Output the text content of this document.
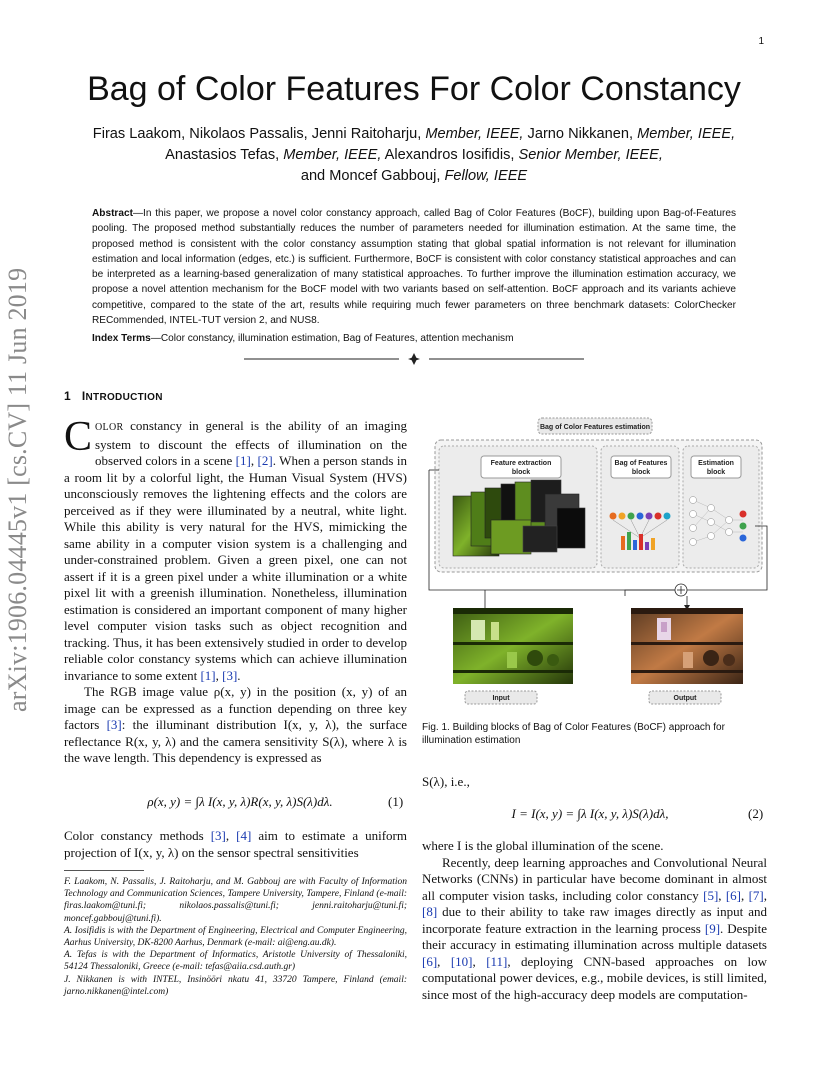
1
arXiv:1906.04445v1 [cs.CV] 11 Jun 2019
Bag of Color Features For Color Constancy

Firas Laakom, Nikolaos Passalis, Jenni Raitoharju, Member, IEEE, Jarno Nikkanen, Member, IEEE,

Anastasios Tefas, Member, IEEE, Alexandros Iosifidis, Senior Member, IEEE,

and Moncef Gabbouj, Fellow, IEEE

Abstract—In this paper, we propose a novel color constancy approach, called Bag of Color Features (BoCF), building upon Bag-of-Features pooling. The proposed method substantially reduces the number of parameters needed for illumination estimation. At the same time, the proposed method is consistent with the color constancy assumption stating that global spatial information is not relevant for illumination estimation and local information (edges, etc.) is sufficient. Furthermore, BoCF is consistent with color constancy statistical approaches and can be interpreted as a learning-based generalization of many statistical approaches. To further improve the illumination estimation accuracy, we propose a novel attention mechanism for the BoCF model with two variants based on self-attention. BoCF approach and its variants achieve competitive, compared to the state of the art, results while requiring much fewer parameters on three benchmark datasets: ColorChecker RECommended, INTEL-TUT version 2, and NUS8.
Index Terms—Color constancy, illumination estimation, Bag of Features, attention mechanism
1 INTRODUCTION

COLOR constancy in general is the ability of an imaging system to discount the effects of illumination on the observed colors in a scene [1], [2]. When a person stands in a room lit by a colorful light, the Human Visual System (HVS) unconsciously removes the lightening effects and the colors are perceived as if they were illuminated by a neutral, white light. While this ability is very natural for the HVS, mimicking the same ability in a computer vision system is a challenging and under-constrained problem. Given a green pixel, one can not assert if it is a green pixel under a white illumination or a white pixel lit with a greenish illumination. Nonetheless, illumination estimation is considered an important component of many higher level computer vision tasks such as object recognition and tracking. Thus, it has been extensively studied in order to develop reliable color constancy systems which can achieve illumination invariance to some extent [1], [3].

The RGB image value ρ(x, y) in the position (x, y) of an image can be expressed as a function depending on three key factors [3]: the illuminant distribution I(x, y, λ), the surface reflectance R(x, y, λ) and the camera sensitivity S(λ), where λ is the wave length. This dependency is expressed as

ρ(x, y) = ∫λ I(x, y, λ)R(x, y, λ)S(λ)dλ.	(1)

Color constancy methods [3], [4] aim to estimate a uniform projection of I(x, y, λ) on the sensor spectral sensitivities

F. Laakom, N. Passalis, J. Raitoharju, and M. Gabbouj are with Faculty of Information Technology and Communication Sciences, Tampere University, Tampere, Finland (e-mail: firas.laakom@tuni.fi; nikolaos.passalis@tuni.fi; jenni.raitoharju@tuni.fi; moncef.gabbouj@tuni.fi).

A. Iosifidis is with the Department of Engineering, Electrical and Computer Engineering, Aarhus University, DK-8200 Aarhus, Denmark (e-mail: ai@eng.au.dk).

A. Tefas is with the Department of Informatics, Aristotle University of Thessaloniki, 54124 Thessaloniki, Greece (e-mail: tefas@aiia.csd.auth.gr)

J. Nikkanen is with INTEL, Insinööri nkatu 41, 33720 Tampere, Finland (email: jarno.nikkanen@intel.com)

Bag of Color Features estimation
Feature extraction
block
Bag of Features
block
Estimation
block
Input	Output
Fig. 1. Building blocks of Bag of Color Features (BoCF) approach for illumination estimation

S(λ), i.e.,

I = I(x, y) = ∫λ I(x, y, λ)S(λ)dλ,	(2)

where I is the global illumination of the scene.

Recently, deep learning approaches and Convolutional Neural Networks (CNNs) in particular have become dominant in almost all computer vision tasks, including color constancy [5], [6], [7], [8] due to their ability to take raw images directly as input and incorporate feature extraction in the learning process [9]. Despite their accuracy in estimating illumination across multiple datasets [6], [10], [11], deploying CNN-based approaches on low computational power devices, e.g., mobile devices, is still limited, since most of the high-accuracy deep models are computation-
